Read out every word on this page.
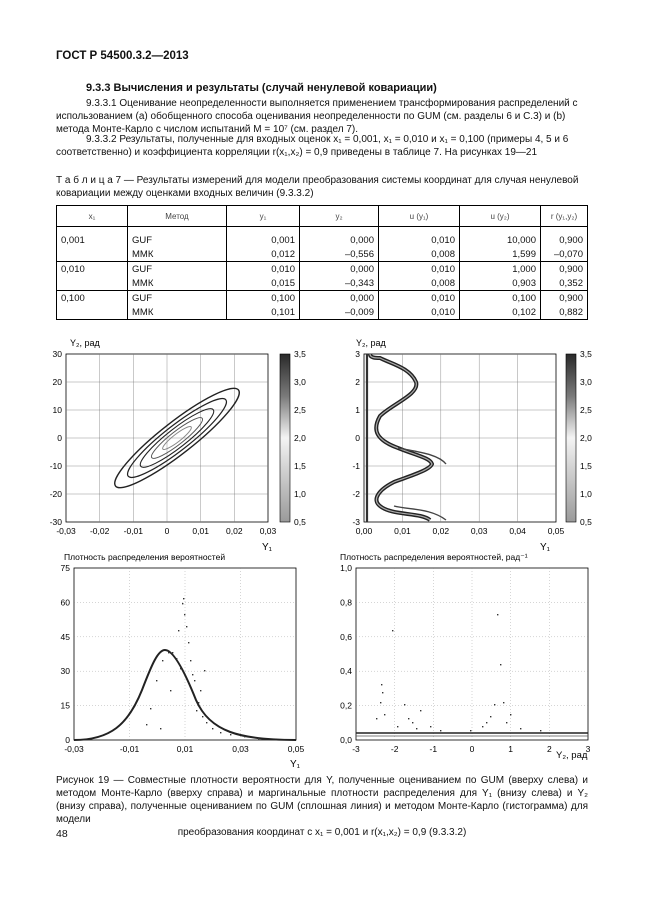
ГОСТ Р 54500.3.2—2013
9.3.3 Вычисления и результаты (случай ненулевой ковариации)
9.3.3.1 Оценивание неопределенности выполняется применением трансформирования распределений с использованием (a) обобщенного способа оценивания неопределенности по GUM (см. разделы 6 и С.3) и (b) метода Монте-Карло с числом испытаний M = 10⁷ (см. раздел 7).
9.3.3.2 Результаты, полученные для входных оценок x₁ = 0,001, x₁ = 0,010 и x₁ = 0,100 (примеры 4, 5 и 6 соответственно) и коэффициента корреляции r(x₁,x₂) = 0,9 приведены в таблице 7. На рисунках 19—21
Т а б л и ц а 7 — Результаты измерений для модели преобразования системы координат для случая ненулевой ковариации между оценками входных величин (9.3.3.2)
x₁	Метод	y₁	y₂	u (y₁)	u (y₂)	r (y₁,y₂)
0,001	GUF	0,001	0,000	0,010	10,000	0,900
	ММК	0,012	–0,556	0,008	1,599	–0,070
0,010	GUF	0,010	0,000	0,010	1,000	0,900
	ММК	0,015	–0,343	0,008	0,903	0,352
0,100	GUF	0,100	0,000	0,010	0,100	0,900
	ММК	0,101	–0,009	0,010	0,102	0,882
Y₂, рад
-0,03 -0,02 -0,01	0	0,01 0,02 0,03
30
20
10
0
-10
-20
-30
Y₁
3,5
3,0
2,5
2,0
1,5
1,0
0,5
Y₂, рад
0,00	0,01	0,02	0,03	0,04	0,05
3
2
1
0
-1
-2
-3
Y₁
3,5
3,0
2,5
2,0
1,5
1,0
0,5
Плотность распределения вероятностей
-0,03	-0,01	0,01	0,03	0,05
75
60
45
30
15
0
Y₁
Плотность распределения вероятностей, рад⁻¹
-3	-2	-1	0	1	2	3
1,0
0,8
0,6
0,4
0,2
0,0
Y₂, рад
Рисунок 19 — Совместные плотности вероятности для Y, полученные оцениванием по GUM (вверху слева) и методом Монте-Карло (вверху справа) и маргинальные плотности распределения для Y₁ (внизу слева) и Y₂ (внизу справа), полученные оцениванием по GUM (сплошная линия) и методом Монте-Карло (гистограмма) для модели
преобразования координат с x₁ = 0,001 и r(x₁,x₂) = 0,9 (9.3.3.2)
48
